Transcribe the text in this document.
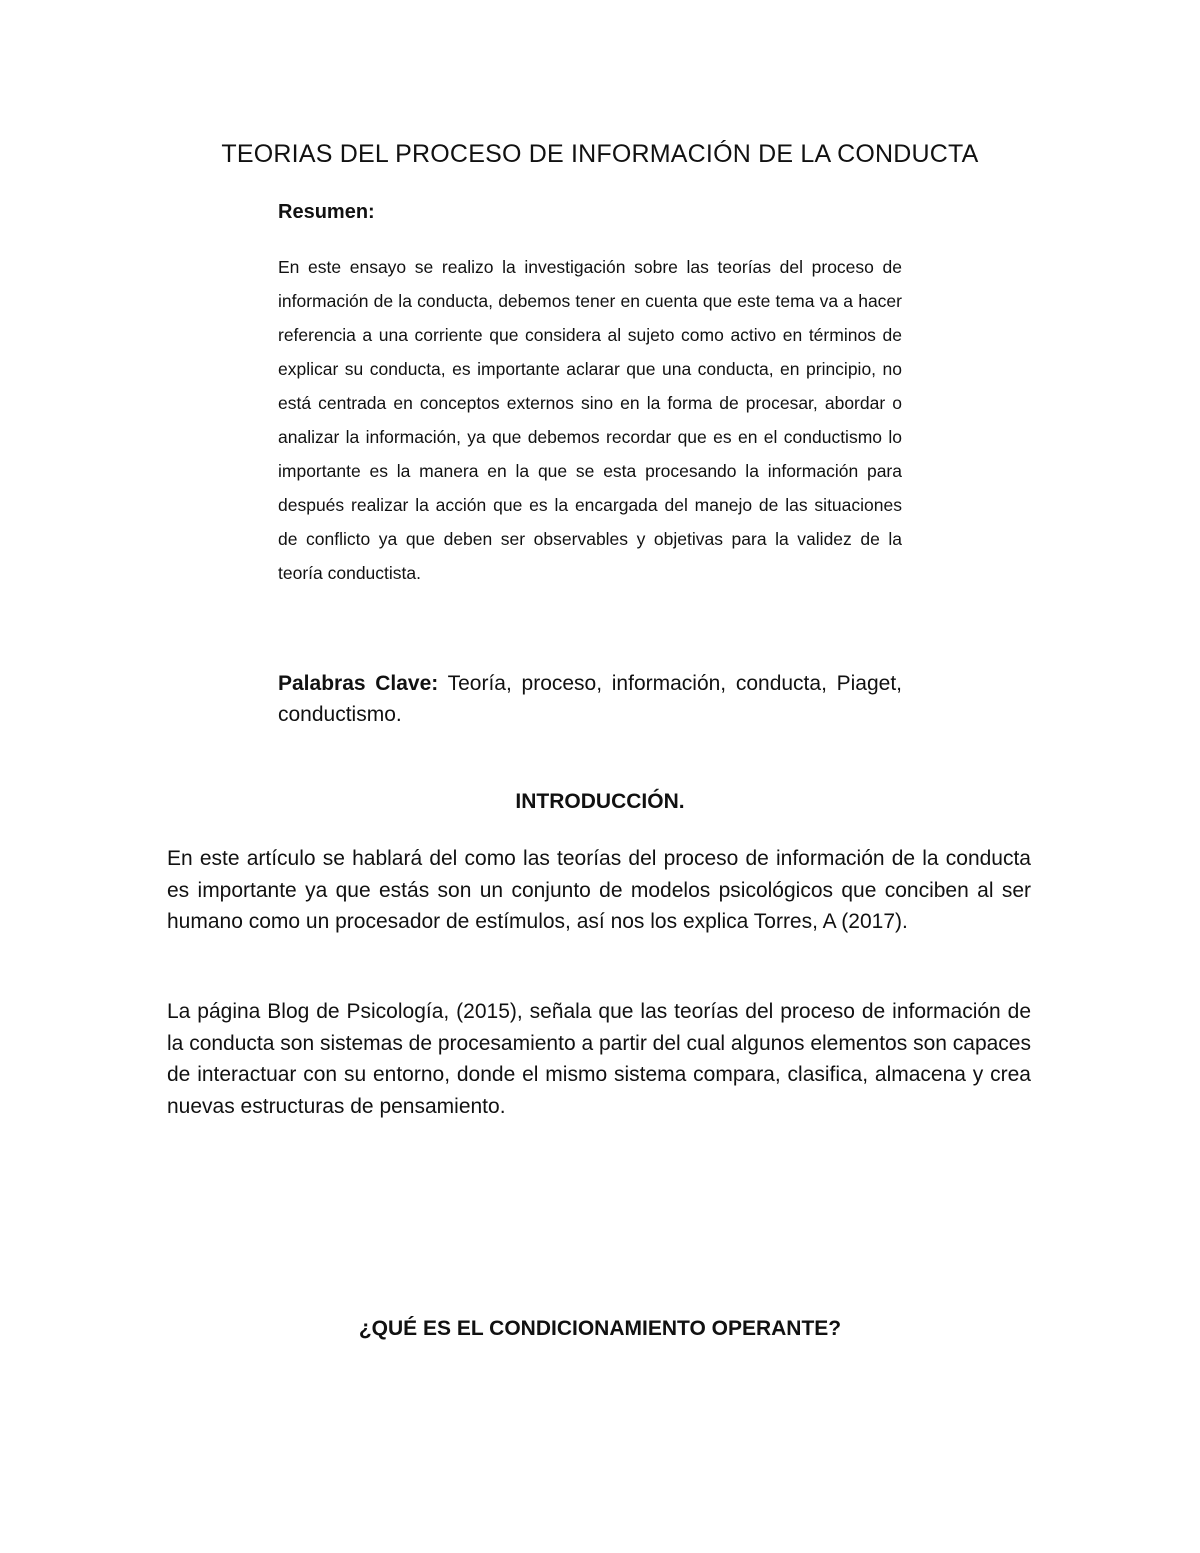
TEORIAS DEL PROCESO DE INFORMACIÓN DE LA CONDUCTA
Resumen:

En este ensayo se realizo la investigación sobre las teorías del proceso de información de la conducta, debemos tener en cuenta que este tema va a hacer referencia a una corriente que considera al sujeto como activo en términos de explicar su conducta, es importante aclarar que una conducta, en principio, no está centrada en conceptos externos sino en la forma de procesar, abordar o analizar la información, ya que debemos recordar que es en el conductismo lo importante es la manera en la que se esta procesando la información para después realizar la acción que es la encargada del manejo de las situaciones de conflicto ya que deben ser observables y objetivas para la validez de la teoría conductista.

Palabras Clave: Teoría, proceso, información, conducta, Piaget, conductismo.

INTRODUCCIÓN.

En este artículo se hablará del como las teorías del proceso de información de la conducta es importante ya que estás son un conjunto de modelos psicológicos que conciben al ser humano como un procesador de estímulos, así nos los explica Torres, A (2017).

La página Blog de Psicología, (2015), señala que las teorías del proceso de información de la conducta son sistemas de procesamiento a partir del cual algunos elementos son capaces de interactuar con su entorno, donde el mismo sistema compara, clasifica, almacena y crea nuevas estructuras de pensamiento.

¿QUÉ ES EL CONDICIONAMIENTO OPERANTE?
